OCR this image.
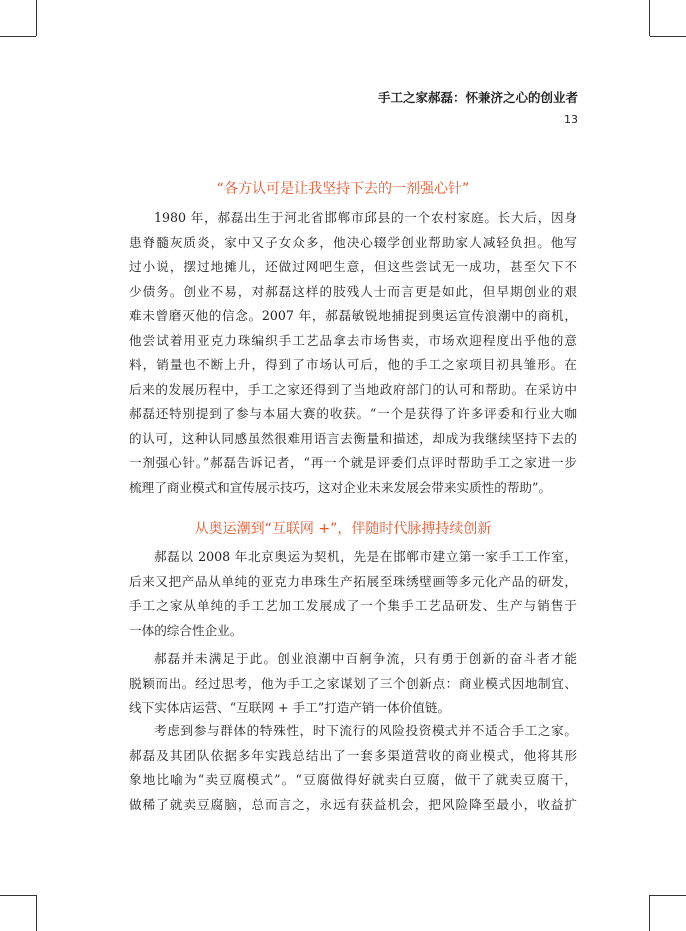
手工之家郝磊：怀兼济之心的创业者
13
“各方认可是让我坚持下去的一剂强心针”
1980 年，郝磊出生于河北省邯郸市邱县的一个农村家庭。长大后，因身
患脊髓灰质炎，家中又子女众多，他决心辍学创业帮助家人减轻负担。他写
过小说，摆过地摊儿，还做过网吧生意，但这些尝试无一成功，甚至欠下不
少债务。创业不易，对郝磊这样的肢残人士而言更是如此，但早期创业的艰
难未曾磨灭他的信念。2007 年，郝磊敏锐地捕捉到奥运宣传浪潮中的商机，
他尝试着用亚克力珠编织手工艺品拿去市场售卖，市场欢迎程度出乎他的意
料，销量也不断上升，得到了市场认可后，他的手工之家项目初具雏形。在
后来的发展历程中，手工之家还得到了当地政府部门的认可和帮助。在采访中
郝磊还特别提到了参与本届大赛的收获。“一个是获得了许多评委和行业大咖
的认可，这种认同感虽然很难用语言去衡量和描述，却成为我继续坚持下去的
一剂强心针。”郝磊告诉记者，“再一个就是评委们点评时帮助手工之家进一步
梳理了商业模式和宣传展示技巧，这对企业未来发展会带来实质性的帮助”。
从奥运潮到“互联网 +”，伴随时代脉搏持续创新
郝磊以 2008 年北京奥运为契机，先是在邯郸市建立第一家手工工作室，
后来又把产品从单纯的亚克力串珠生产拓展至珠绣壁画等多元化产品的研发，
手工之家从单纯的手工艺加工发展成了一个集手工艺品研发、生产与销售于
一体的综合性企业。
郝磊并未满足于此。创业浪潮中百舸争流，只有勇于创新的奋斗者才能
脱颖而出。经过思考，他为手工之家谋划了三个创新点：商业模式因地制宜、
线下实体店运营、“互联网 + 手工”打造产销一体价值链。
考虑到参与群体的特殊性，时下流行的风险投资模式并不适合手工之家。
郝磊及其团队依据多年实践总结出了一套多渠道营收的商业模式，他将其形
象地比喻为“卖豆腐模式”。“豆腐做得好就卖白豆腐，做干了就卖豆腐干，
做稀了就卖豆腐脑，总而言之，永远有获益机会，把风险降至最小，收益扩
